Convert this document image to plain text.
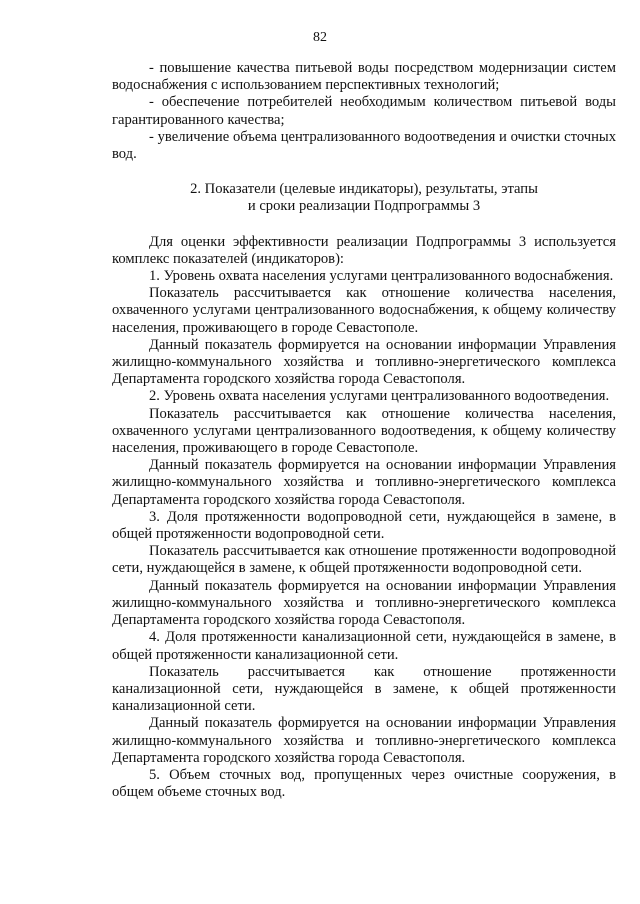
82

- повышение качества питьевой воды посредством модернизации систем водоснабжения с использованием перспективных технологий;

- обеспечение потребителей необходимым количеством питьевой воды гарантированного качества;

- увеличение объема централизованного водоотведения и очистки сточных вод.

2. Показатели (целевые индикаторы), результаты, этапы
и сроки реализации Подпрограммы 3

Для оценки эффективности реализации Подпрограммы 3 используется комплекс показателей (индикаторов):

1. Уровень охвата населения услугами централизованного водоснабжения.

Показатель рассчитывается как отношение количества населения, охваченного услугами централизованного водоснабжения, к общему количеству населения, проживающего в городе Севастополе.

Данный показатель формируется на основании информации Управления жилищно-коммунального хозяйства и топливно-энергетического комплекса Департамента городского хозяйства города Севастополя.

2. Уровень охвата населения услугами централизованного водоотведения.

Показатель рассчитывается как отношение количества населения, охваченного услугами централизованного водоотведения, к общему количеству населения, проживающего в городе Севастополе.

Данный показатель формируется на основании информации Управления жилищно-коммунального хозяйства и топливно-энергетического комплекса Департамента городского хозяйства города Севастополя.

3. Доля протяженности водопроводной сети, нуждающейся в замене, в общей протяженности водопроводной сети.

Показатель рассчитывается как отношение протяженности водопроводной сети, нуждающейся в замене, к общей протяженности водопроводной сети.

Данный показатель формируется на основании информации Управления жилищно-коммунального хозяйства и топливно-энергетического комплекса Департамента городского хозяйства города Севастополя.

4. Доля протяженности канализационной сети, нуждающейся в замене, в общей протяженности канализационной сети.

Показатель рассчитывается как отношение протяженности канализационной сети, нуждающейся в замене, к общей протяженности канализационной сети.

Данный показатель формируется на основании информации Управления жилищно-коммунального хозяйства и топливно-энергетического комплекса Департамента городского хозяйства города Севастополя.

5. Объем сточных вод, пропущенных через очистные сооружения, в общем объеме сточных вод.
